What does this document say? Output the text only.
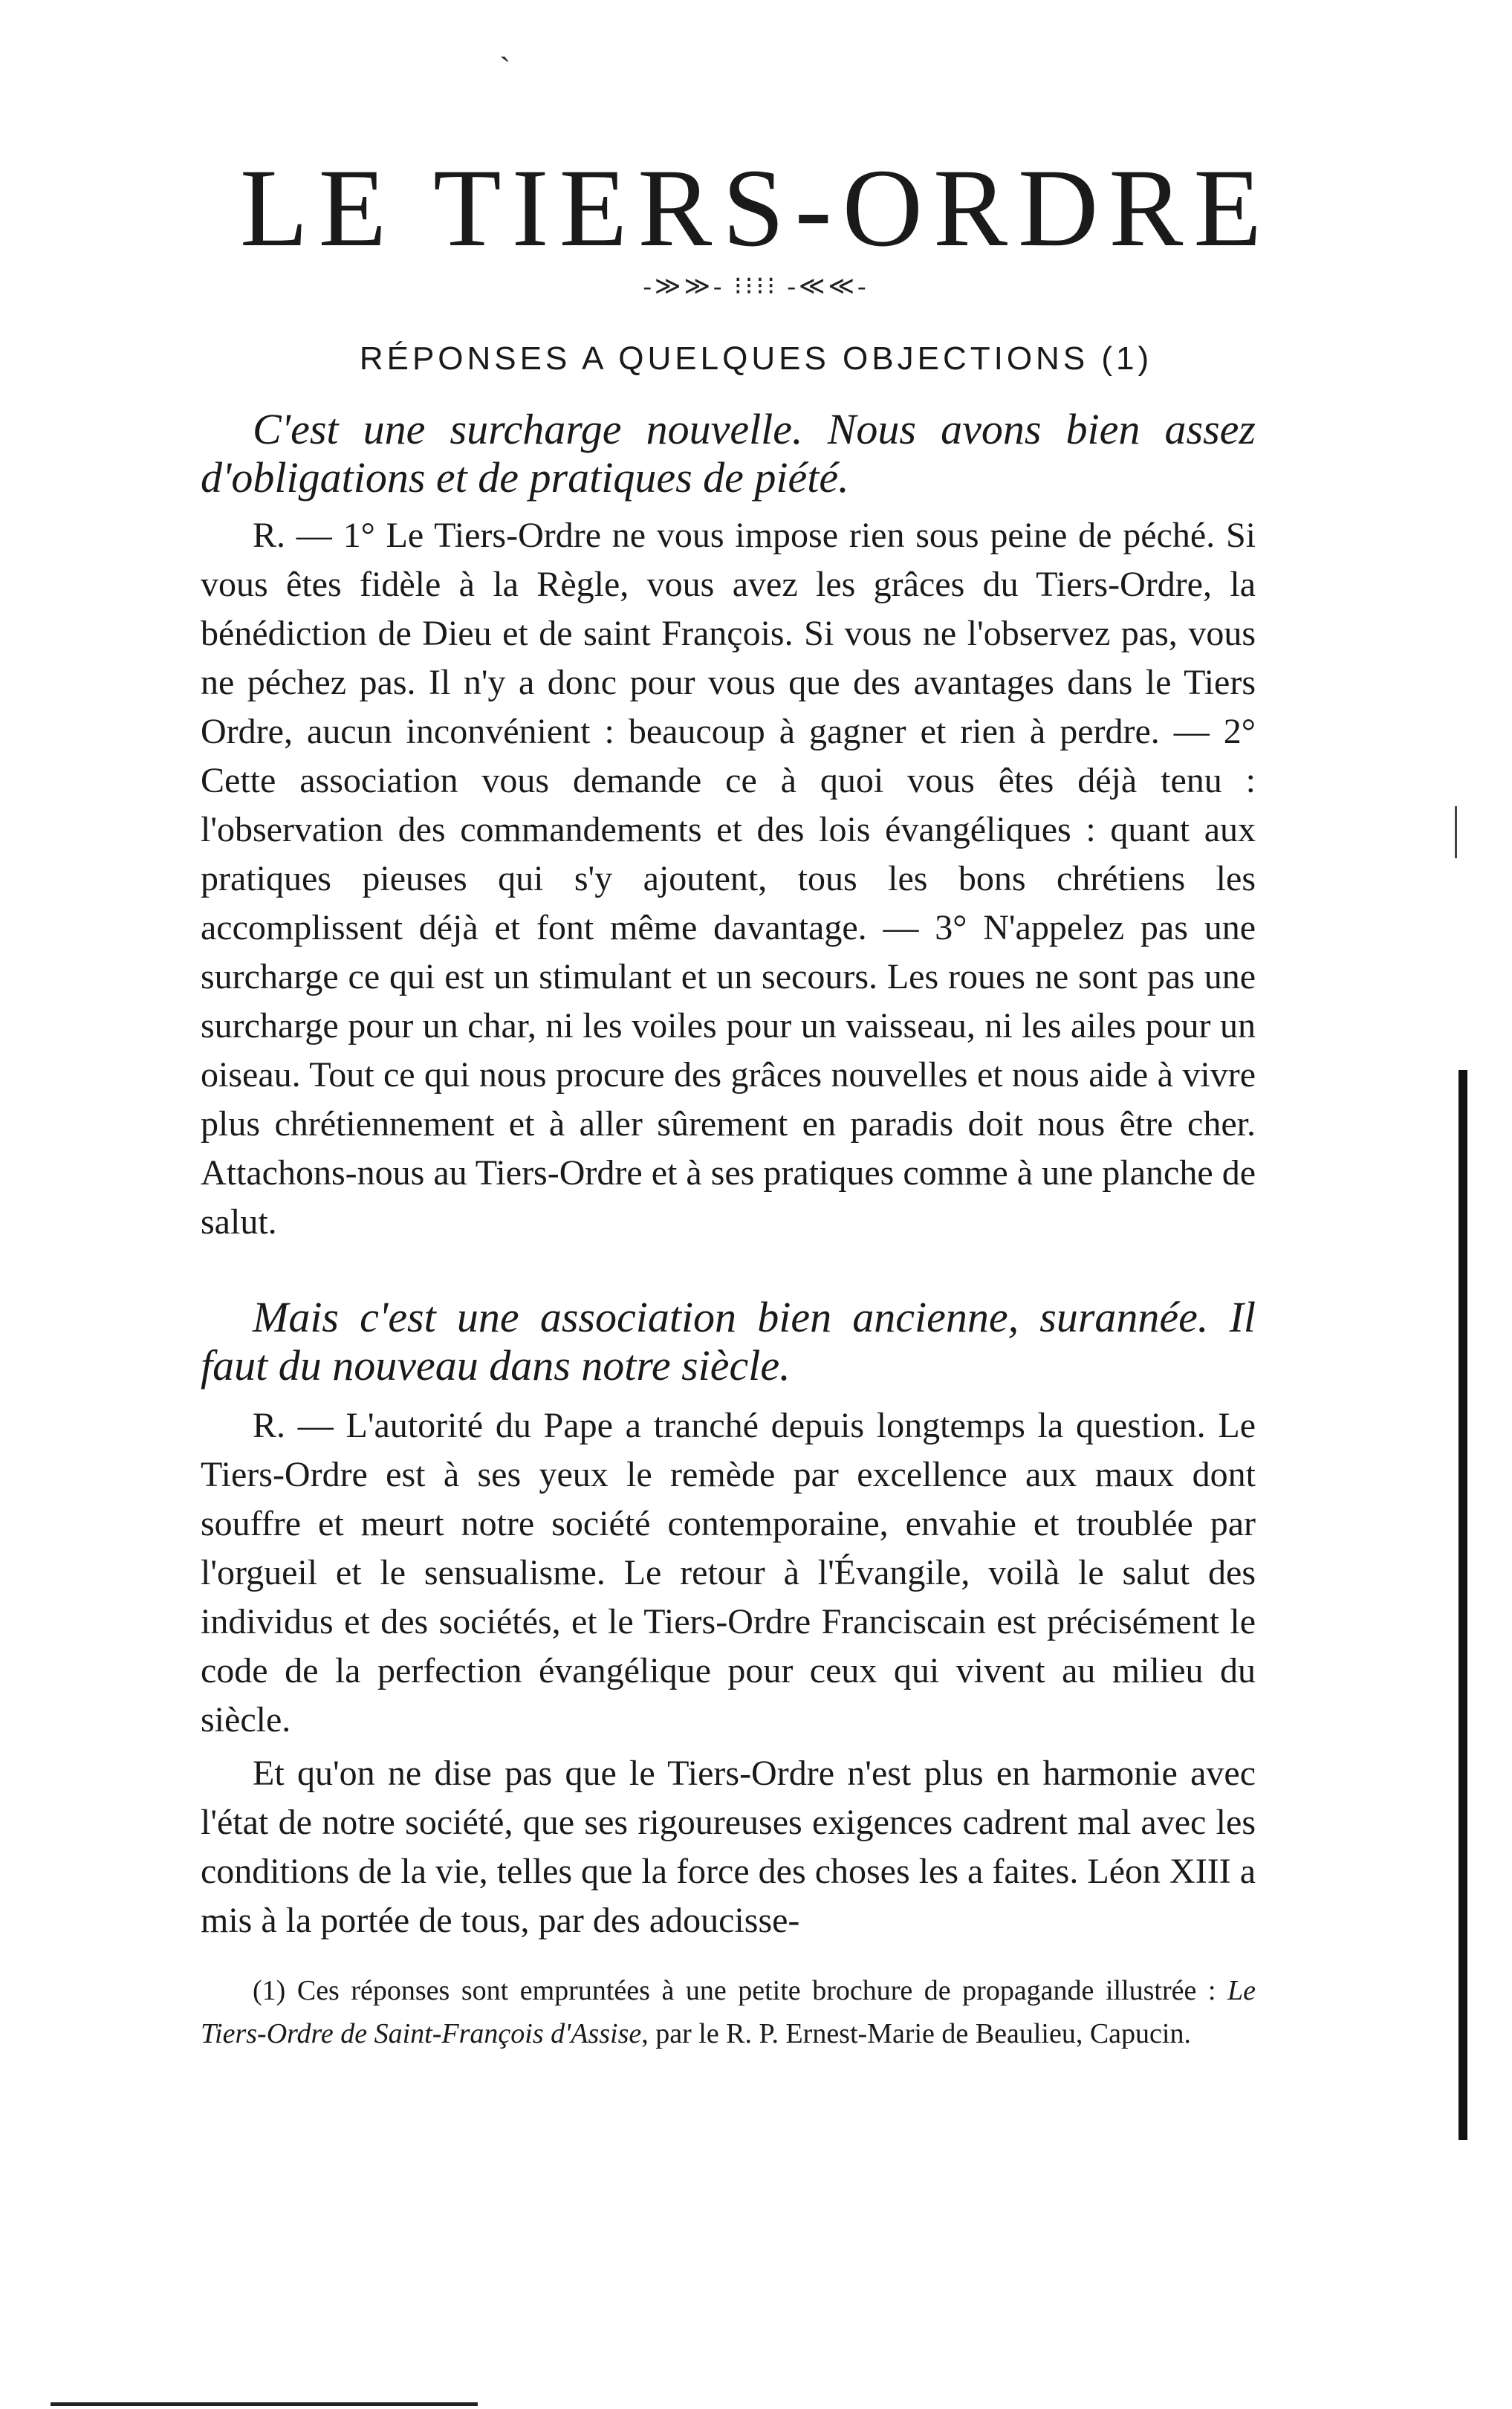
`
LE TIERS-ORDRE
-≫≫- ⁝⁝⁝⁝ -≪≪-
RÉPONSES A QUELQUES OBJECTIONS (1)

C'est une surcharge nouvelle. Nous avons bien assez d'obligations et de pratiques de piété.

R. — 1° Le Tiers-Ordre ne vous impose rien sous peine de péché. Si vous êtes fidèle à la Règle, vous avez les grâces du Tiers-Ordre, la bénédiction de Dieu et de saint François. Si vous ne l'observez pas, vous ne péchez pas. Il n'y a donc pour vous que des avantages dans le Tiers Ordre, aucun inconvénient : beaucoup à gagner et rien à perdre. — 2° Cette association vous demande ce à quoi vous êtes déjà tenu : l'observation des commandements et des lois évangéliques : quant aux pratiques pieuses qui s'y ajoutent, tous les bons chrétiens les accomplissent déjà et font même davantage. — 3° N'appelez pas une surcharge ce qui est un stimulant et un secours. Les roues ne sont pas une surcharge pour un char, ni les voiles pour un vaisseau, ni les ailes pour un oiseau. Tout ce qui nous procure des grâces nouvelles et nous aide à vivre plus chrétiennement et à aller sûrement en paradis doit nous être cher. Attachons-nous au Tiers-Ordre et à ses pratiques comme à une planche de salut.

Mais c'est une association bien ancienne, surannée. Il faut du nouveau dans notre siècle.

R. — L'autorité du Pape a tranché depuis longtemps la question. Le Tiers-Ordre est à ses yeux le remède par excellence aux maux dont souffre et meurt notre société contemporaine, envahie et troublée par l'orgueil et le sensualisme. Le retour à l'Évangile, voilà le salut des individus et des sociétés, et le Tiers-Ordre Franciscain est précisément le code de la perfection évangélique pour ceux qui vivent au milieu du siècle.

Et qu'on ne dise pas que le Tiers-Ordre n'est plus en harmonie avec l'état de notre société, que ses rigoureuses exigences cadrent mal avec les conditions de la vie, telles que la force des choses les a faites. Léon XIII a mis à la portée de tous, par des adoucisse-

(1) Ces réponses sont empruntées à une petite brochure de propagande illustrée : Le Tiers-Ordre de Saint-François d'Assise, par le R. P. Ernest-Marie de Beaulieu, Capucin.
